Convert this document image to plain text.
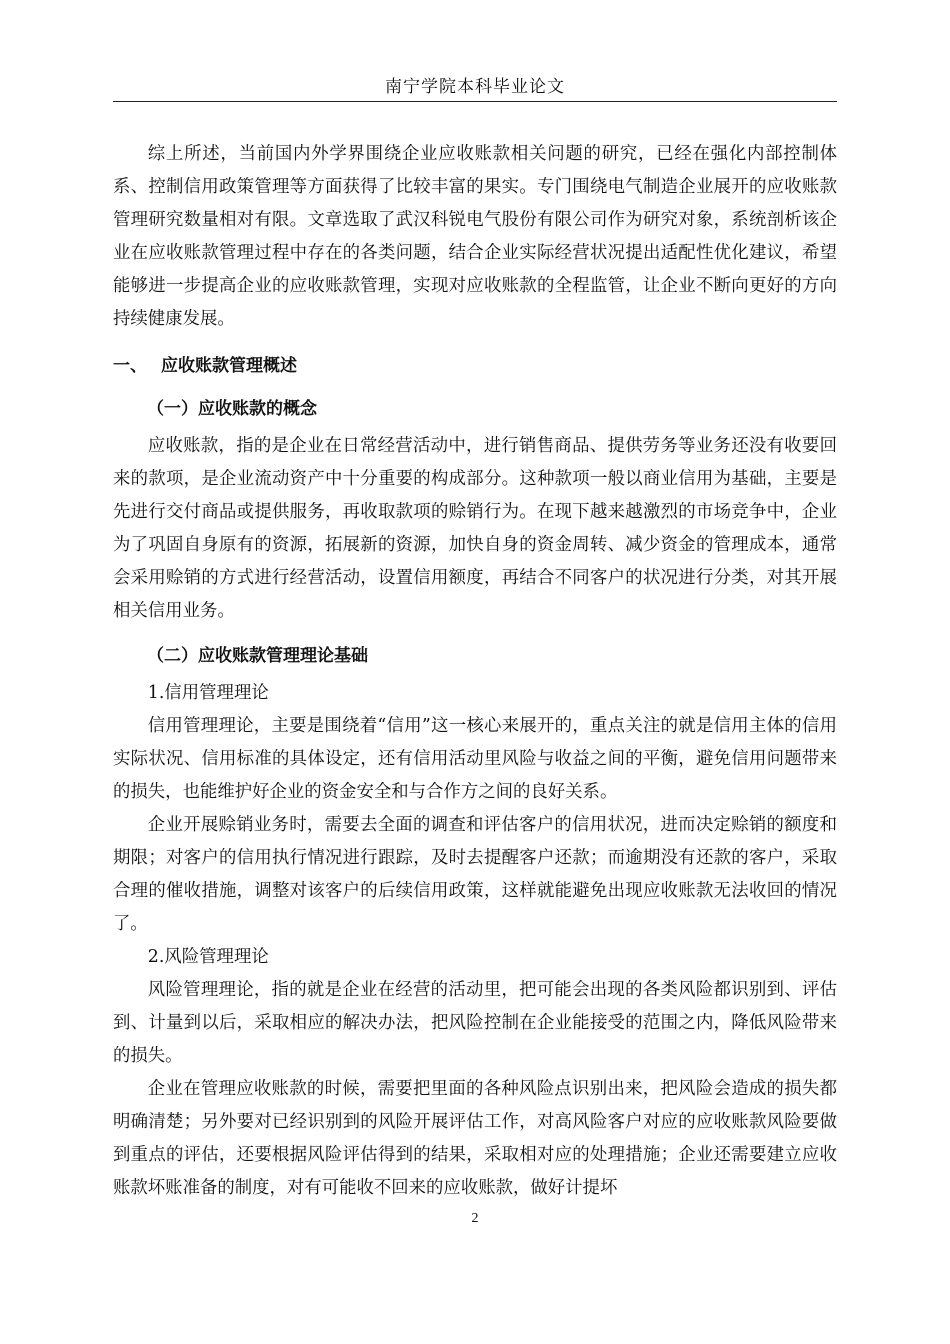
南宁学院本科毕业论文

综上所述，当前国内外学界围绕企业应收账款相关问题的研究，已经在强化内部控制体系、控制信用政策管理等方面获得了比较丰富的果实。专门围绕电气制造企业展开的应收账款管理研究数量相对有限。文章选取了武汉科锐电气股份有限公司作为研究对象，系统剖析该企业在应收账款管理过程中存在的各类问题，结合企业实际经营状况提出适配性优化建议，希望能够进一步提高企业的应收账款管理，实现对应收账款的全程监管，让企业不断向更好的方向持续健康发展。

一、 应收账款管理概述
（一）应收账款的概念

应收账款，指的是企业在日常经营活动中，进行销售商品、提供劳务等业务还没有收要回来的款项，是企业流动资产中十分重要的构成部分。这种款项一般以商业信用为基础，主要是先进行交付商品或提供服务，再收取款项的赊销行为。在现下越来越激烈的市场竞争中，企业为了巩固自身原有的资源，拓展新的资源，加快自身的资金周转、减少资金的管理成本，通常会采用赊销的方式进行经营活动，设置信用额度，再结合不同客户的状况进行分类，对其开展相关信用业务。

（二）应收账款管理理论基础

1.信用管理理论

信用管理理论，主要是围绕着“信用”这一核心来展开的，重点关注的就是信用主体的信用实际状况、信用标准的具体设定，还有信用活动里风险与收益之间的平衡，避免信用问题带来的损失，也能维护好企业的资金安全和与合作方之间的良好关系。

企业开展赊销业务时，需要去全面的调查和评估客户的信用状况，进而决定赊销的额度和期限；对客户的信用执行情况进行跟踪，及时去提醒客户还款；而逾期没有还款的客户，采取合理的催收措施，调整对该客户的后续信用政策，这样就能避免出现应收账款无法收回的情况了。

2.风险管理理论

风险管理理论，指的就是企业在经营的活动里，把可能会出现的各类风险都识别到、评估到、计量到以后，采取相应的解决办法，把风险控制在企业能接受的范围之内，降低风险带来的损失。

企业在管理应收账款的时候，需要把里面的各种风险点识别出来，把风险会造成的损失都明确清楚；另外要对已经识别到的风险开展评估工作，对高风险客户对应的应收账款风险要做到重点的评估，还要根据风险评估得到的结果，采取相对应的处理措施；企业还需要建立应收账款坏账准备的制度，对有可能收不回来的应收账款，做好计提坏

2
